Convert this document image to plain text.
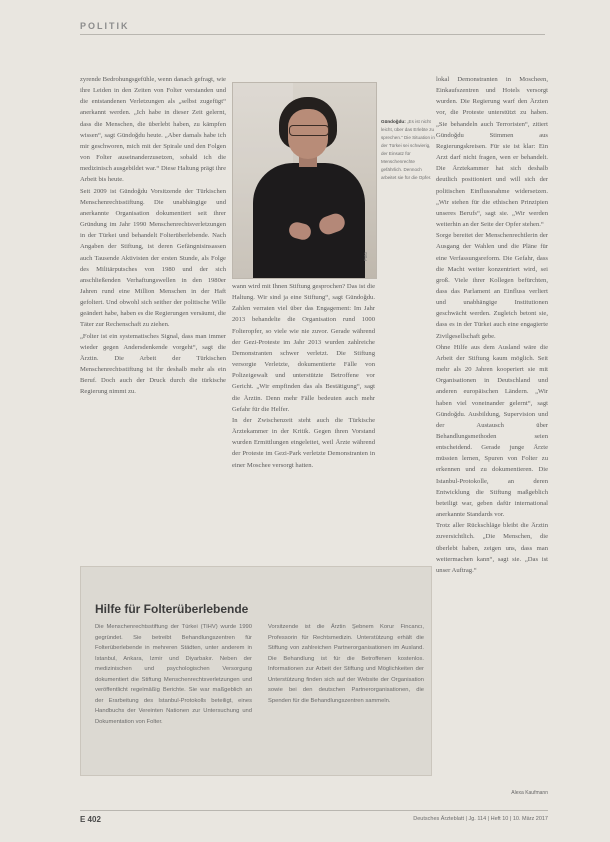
POLITIK
Gündoğdu: „Es ist nicht leicht, über das Erlebte zu sprechen.“ Die Situation in der Türkei sei schwierig, der Einsatz für Menschenrechte gefährlich. Dennoch arbeitet sie für die Opfer.
Foto

zyrende Bedrohungsgefühle, wenn danach gefragt, wie ihre Leiden in den Zeiten von Folter verstanden und die entstandenen Verletzungen als „selbst zugefügt“ anerkannt werden. „Ich habe in dieser Zeit gelernt, dass die Menschen, die überlebt haben, zu kämpfen wissen“, sagt Gündoğdu heute. „Aber damals habe ich mir geschworen, mich mit der Spirale und den Folgen von Folter auseinanderzusetzen, sobald ich die medizinisch ausgebildet war.“ Diese Haltung prägt ihre Arbeit bis heute.

Seit 2009 ist Gündoğdu Vorsitzende der Türkischen Menschenrechtsstiftung. Die unabhängige und anerkannte Organisation dokumentiert seit ihrer Gründung im Jahr 1990 Menschenrechtsverletzungen in der Türkei und behandelt Folterüberlebende. Nach Angaben der Stiftung, ist deren Gefängnisinsassen auch Tausende Aktivisten der ersten Stunde, als Folge des Militärputsches von 1980 und der sich anschließenden Verhaftungswellen in den 1980er Jahren rund eine Million Menschen in der Haft gefoltert. Und obwohl sich seither der politische Wille geändert habe, haben es die Regierungen versäumt, die Täter zur Rechenschaft zu ziehen.

„Folter ist ein systematisches Signal, dass man immer wieder gegen Andersdenkende vorgeht“, sagt die Ärztin. Die Arbeit der Türkischen Menschenrechtsstiftung ist ihr deshalb mehr als ein Beruf. Doch auch der Druck durch die türkische Regierung nimmt zu.

wann wird mit Ihnen Stiftung gesprochen? Das ist die Haltung. Wir sind ja eine Stiftung“, sagt Gündoğdu. Zahlen verraten viel über das Engagement: Im Jahr 2013 behandelte die Organisation rund 1000 Folteropfer, so viele wie nie zuvor. Gerade während der Gezi-Proteste im Jahr 2013 wurden zahlreiche Demonstranten schwer verletzt. Die Stiftung versorgte Verletzte, dokumentierte Fälle von Polizeigewalt und unterstützte Betroffene vor Gericht. „Wir empfinden das als Bestätigung“, sagt die Ärztin. Denn mehr Fälle bedeuten auch mehr Gefahr für die Helfer.

In der Zwischenzeit steht auch die Türkische Ärztekammer in der Kritik. Gegen ihren Vorstand wurden Ermittlungen eingeleitet, weil Ärzte während der Proteste im Gezi-Park verletzte Demonstranten in einer Moschee versorgt hatten.

lokal Demonstranten in Moscheen, Einkaufszentren und Hotels versorgt wurden. Die Regierung warf den Ärzten vor, die Proteste unterstützt zu haben. „Sie behandeln auch Terroristen“, zitiert Gündoğdu Stimmen aus Regierungskreisen. Für sie ist klar: Ein Arzt darf nicht fragen, wen er behandelt. Die Ärztekammer hat sich deshalb deutlich positioniert und will sich der politischen Einflussnahme widersetzen. „Wir stehen für die ethischen Prinzipien unseres Berufs“, sagt sie. „Wir werden weiterhin an der Seite der Opfer stehen.“

Sorge bereitet der Menschenrechtlerin der Ausgang der Wahlen und die Pläne für eine Verfassungsreform. Die Gefahr, dass die Macht weiter konzentriert wird, sei groß. Viele ihrer Kollegen befürchten, dass das Parlament an Einfluss verliert und unabhängige Institutionen geschwächt werden. Zugleich betont sie, dass es in der Türkei auch eine engagierte Zivilgesellschaft gebe.

Ohne Hilfe aus dem Ausland wäre die Arbeit der Stiftung kaum möglich. Seit mehr als 20 Jahren kooperiert sie mit Organisationen in Deutschland und anderen europäischen Ländern. „Wir haben viel voneinander gelernt“, sagt Gündoğdu. Ausbildung, Supervision und der Austausch über Behandlungsmethoden seien entscheidend. Gerade junge Ärzte müssten lernen, Spuren von Folter zu erkennen und zu dokumentieren. Die Istanbul-Protokolle, an deren Entwicklung die Stiftung maßgeblich beteiligt war, geben dafür international anerkannte Standards vor.

Trotz aller Rückschläge bleibt die Ärztin zuversichtlich. „Die Menschen, die überlebt haben, zeigen uns, dass man weitermachen kann“, sagt sie. „Das ist unser Auftrag.“

Alexa Kaufmann
Hilfe für Folterüberlebende
Die Menschenrechtsstiftung der Türkei (TIHV) wurde 1990 gegründet. Sie betreibt Behandlungszentren für Folterüberlebende in mehreren Städten, unter anderem in Istanbul, Ankara, Izmir und Diyarbakır. Neben der medizinischen und psychologischen Versorgung dokumentiert die Stiftung Menschenrechtsverletzungen und veröffentlicht regelmäßig Berichte. Sie war maßgeblich an der Erarbeitung des Istanbul-Protokolls beteiligt, eines Handbuchs der Vereinten Nationen zur Untersuchung und Dokumentation von Folter.
Vorsitzende ist die Ärztin Şebnem Korur Fincancı, Professorin für Rechtsmedizin. Unterstützung erhält die Stiftung von zahlreichen Partnerorganisationen im Ausland. Die Behandlung ist für die Betroffenen kostenlos. Informationen zur Arbeit der Stiftung und Möglichkeiten der Unterstützung finden sich auf der Website der Organisation sowie bei den deutschen Partnerorganisationen, die Spenden für die Behandlungszentren sammeln.
E 402	Deutsches Ärzteblatt | Jg. 114 | Heft 10 | 10. März 2017
